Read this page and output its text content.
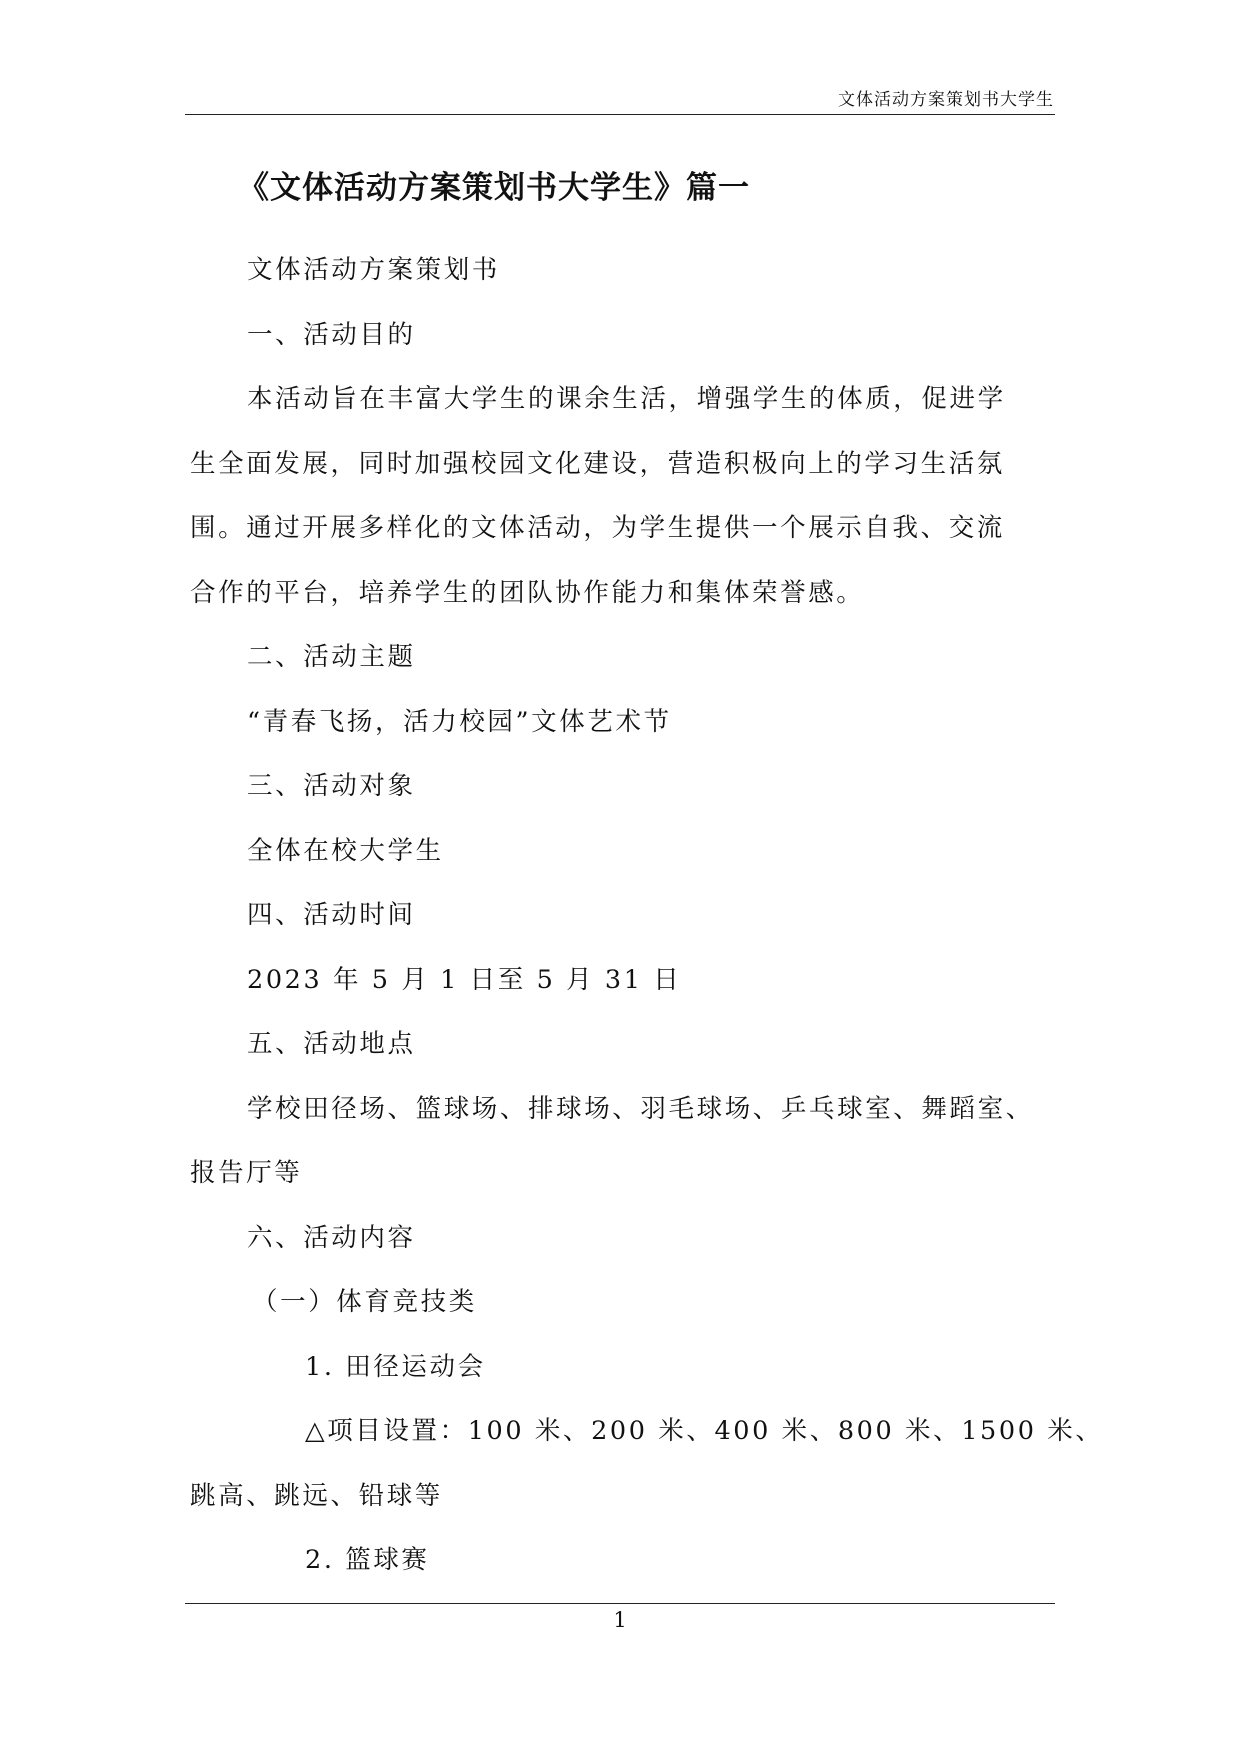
文体活动方案策划书大学生
《文体活动方案策划书大学生》篇一
文体活动方案策划书
一、活动目的
本活动旨在丰富大学生的课余生活，增强学生的体质，促进学
生全面发展，同时加强校园文化建设，营造积极向上的学习生活氛
围。通过开展多样化的文体活动，为学生提供一个展示自我、交流
合作的平台，培养学生的团队协作能力和集体荣誉感。
二、活动主题
“青春飞扬，活力校园”文体艺术节
三、活动对象
全体在校大学生
四、活动时间
2023 年 5 月 1 日至 5 月 31 日
五、活动地点
学校田径场、篮球场、排球场、羽毛球场、乒乓球室、舞蹈室、
报告厅等
六、活动内容
（一）体育竞技类
1. 田径运动会
△项目设置：100 米、200 米、400 米、800 米、1500 米、
跳高、跳远、铅球等
2. 篮球赛
1
